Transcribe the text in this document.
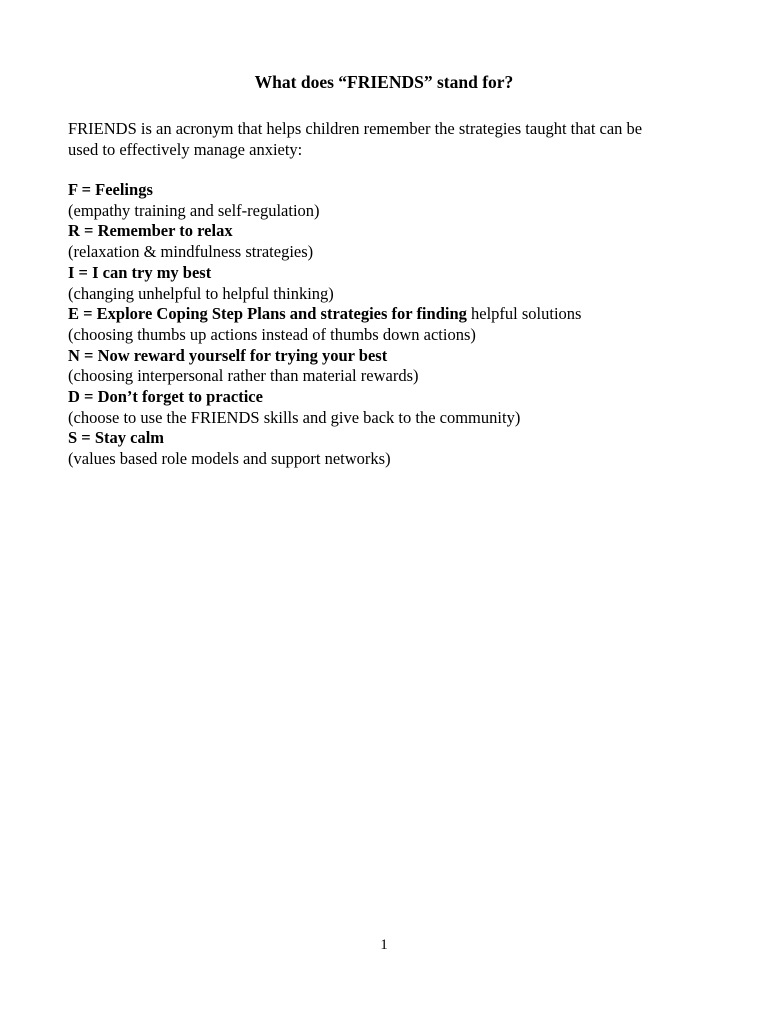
What does “FRIENDS” stand for?
FRIENDS is an acronym that helps children remember the strategies taught that can be
used to effectively manage anxiety:
F = Feelings
(empathy training and self-regulation)
R = Remember to relax
(relaxation & mindfulness strategies)
I = I can try my best
(changing unhelpful to helpful thinking)
E = Explore Coping Step Plans and strategies for finding helpful solutions
(choosing thumbs up actions instead of thumbs down actions)
N = Now reward yourself for trying your best
(choosing interpersonal rather than material rewards)
D = Don’t forget to practice
(choose to use the FRIENDS skills and give back to the community)
S = Stay calm
(values based role models and support networks)
1
